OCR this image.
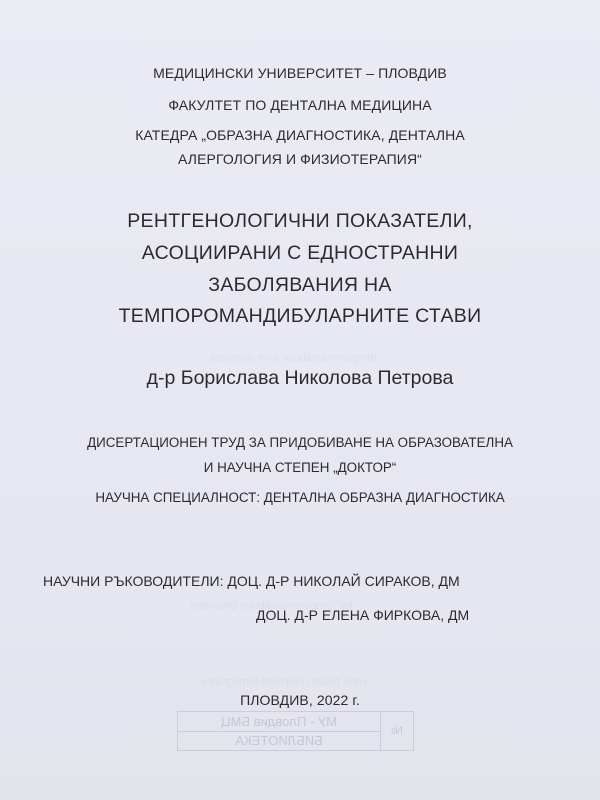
Temporomandibular joint disorders
for Temporomandibular Disorders
cone beam computed tomography
МЕДИЦИНСКИ УНИВЕРСИТЕТ – ПЛОВДИВ
ФАКУЛТЕТ ПО ДЕНТАЛНА МЕДИЦИНА
КАТЕДРА „ОБРАЗНА ДИАГНОСТИКА, ДЕНТАЛНА
АЛЕРГОЛОГИЯ И ФИЗИОТЕРАПИЯ“
РЕНТГЕНОЛОГИЧНИ ПОКАЗАТЕЛИ,
АСОЦИИРАНИ С ЕДНОСТРАННИ
ЗАБОЛЯВАНИЯ НА
ТЕМПОРОМАНДИБУЛАРНИТЕ СТАВИ
д-р Борислава Николова Петрова
ДИСЕРТАЦИОНЕН ТРУД ЗА ПРИДОБИВАНЕ НА ОБРАЗОВАТЕЛНА
И НАУЧНА СТЕПЕН „ДОКТОР“
НАУЧНА СПЕЦИАЛНОСТ: ДЕНТАЛНА ОБРАЗНА ДИАГНОСТИКА
НАУЧНИ РЪКОВОДИТЕЛИ: ДОЦ. Д-Р НИКОЛАЙ СИРАКОВ, ДМ
ДОЦ. Д-Р ЕЛЕНА ФИРКОВА, ДМ
ПЛОВДИВ, 2022 г.
№
МУ - Пловдив БМЦ
БИБЛИОТЕКА
